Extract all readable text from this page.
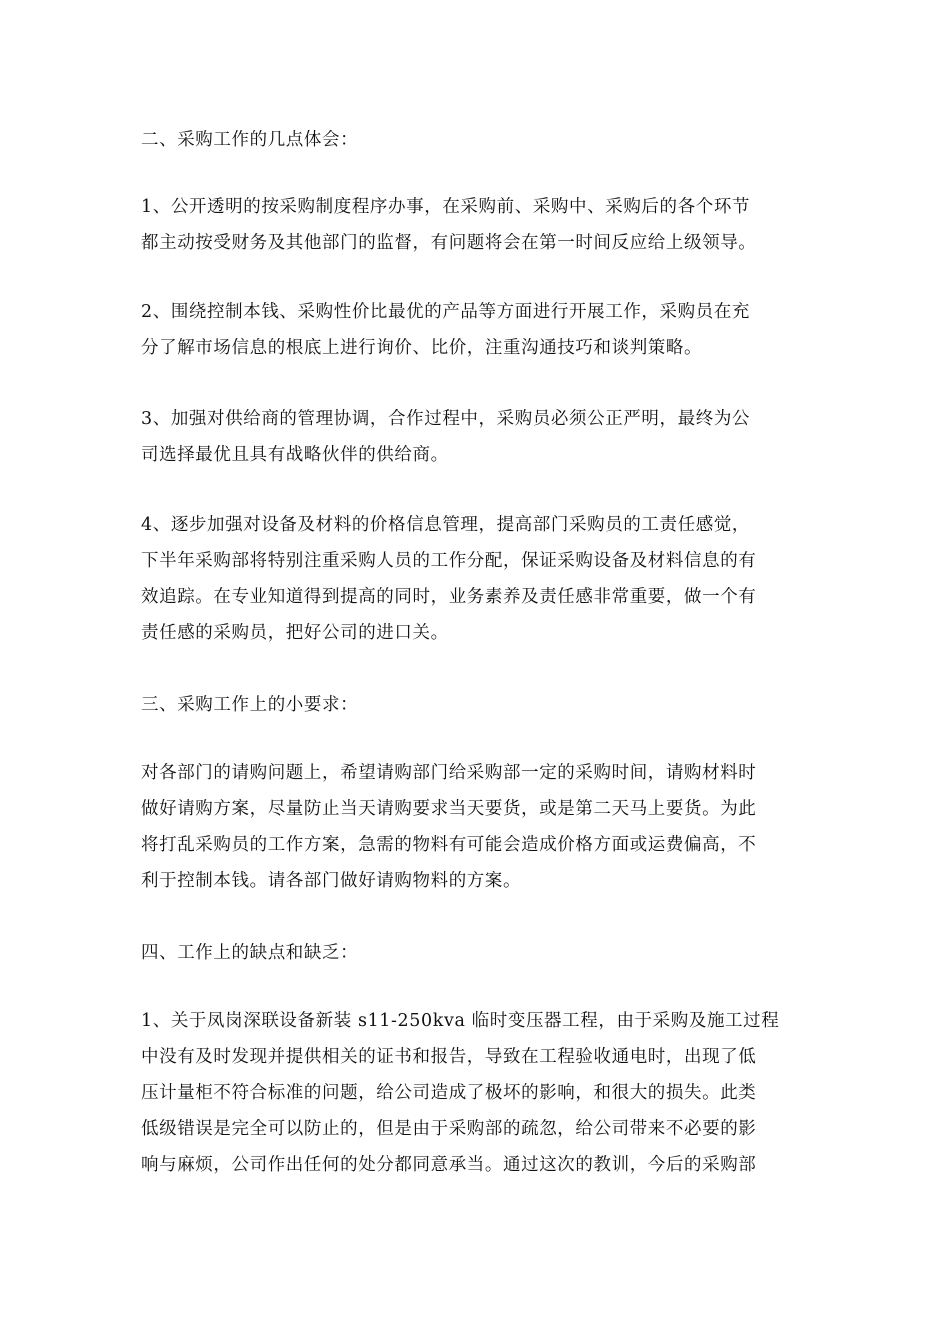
二、采购工作的几点体会：

1、公开透明的按采购制度程序办事，在采购前、采购中、采购后的各个环节
都主动按受财务及其他部门的监督，有问题将会在第一时间反应给上级领导。

2、围绕控制本钱、采购性价比最优的产品等方面进行开展工作，采购员在充
分了解市场信息的根底上进行询价、比价，注重沟通技巧和谈判策略。

3、加强对供给商的管理协调，合作过程中，采购员必须公正严明，最终为公
司选择最优且具有战略伙伴的供给商。

4、逐步加强对设备及材料的价格信息管理，提高部门采购员的工责任感觉，
下半年采购部将特别注重采购人员的工作分配，保证采购设备及材料信息的有
效追踪。在专业知道得到提高的同时，业务素养及责任感非常重要，做一个有
责任感的采购员，把好公司的进口关。

三、采购工作上的小要求：

对各部门的请购问题上，希望请购部门给采购部一定的采购时间，请购材料时
做好请购方案，尽量防止当天请购要求当天要货，或是第二天马上要货。为此
将打乱采购员的工作方案，急需的物料有可能会造成价格方面或运费偏高，不
利于控制本钱。请各部门做好请购物料的方案。

四、工作上的缺点和缺乏：

1、关于凤岗深联设备新装 s11-250kva 临时变压器工程，由于采购及施工过程
中没有及时发现并提供相关的证书和报告，导致在工程验收通电时，出现了低
压计量柜不符合标准的问题，给公司造成了极坏的影响，和很大的损失。此类
低级错误是完全可以防止的，但是由于采购部的疏忽，给公司带来不必要的影
响与麻烦，公司作出任何的处分都同意承当。通过这次的教训，今后的采购部
